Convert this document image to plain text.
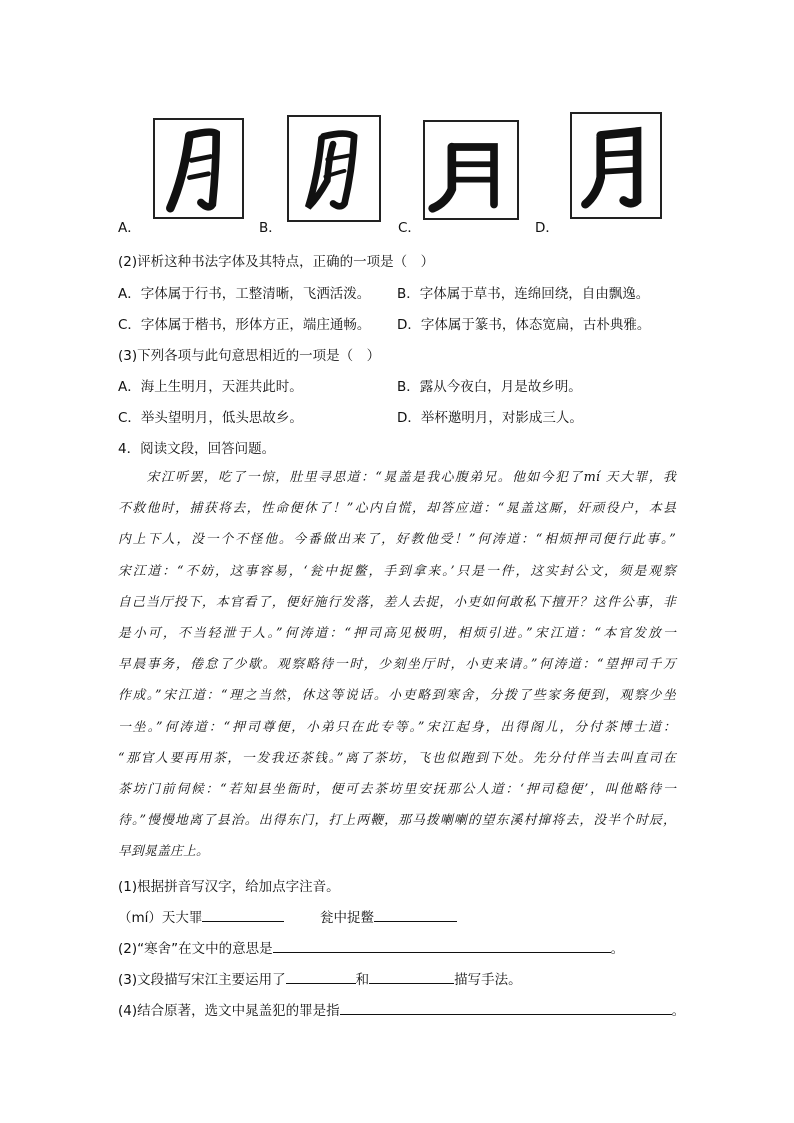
A．	B．	C．	D．
(2)评析这种书法字体及其特点，正确的一项是（　）
A．字体属于行书，工整清晰，飞洒活泼。 B．字体属于草书，连绵回绕，自由飘逸。
C．字体属于楷书，形体方正，端庄通畅。 D．字体属于篆书，体态宽扁，古朴典雅。
(3)下列各项与此句意思相近的一项是（　）
A．海上生明月，天涯共此时。	B．露从今夜白，月是故乡明。
C．举头望明月，低头思故乡。	D．举杯邀明月，对影成三人。
4．阅读文段，回答问题。
　　宋江听罢，吃了一惊，肚里寻思道：“晁盖是我心腹弟兄。他如今犯了mí 天大罪，我
不救他时，捕获将去，性命便休了！”心内自慌，却答应道：“晁盖这厮，奸顽役户，本县
内上下人，没一个不怪他。今番做出来了，好教他受！”何涛道：“相烦押司便行此事。”
宋江道：“不妨，这事容易，‘瓮中捉鳖，手到拿来。’只是一件，这实封公文，须是观察
自己当厅投下，本官看了，便好施行发落，差人去捉，小吏如何敢私下擅开？这件公事，非
是小可，不当轻泄于人。”何涛道：“押司高见极明，相烦引进。”宋江道：“本官发放一
早晨事务，倦怠了少歇。观察略待一时，少刻坐厅时，小吏来请。”何涛道：“望押司千万
作成。”宋江道：“理之当然，休这等说话。小吏略到寒舍，分拨了些家务便到，观察少坐
一坐。”何涛道：“押司尊便，小弟只在此专等。”宋江起身，出得阁儿，分付茶博士道：
“那官人要再用茶，一发我还茶钱。”离了茶坊，飞也似跑到下处。先分付伴当去叫直司在
茶坊门前伺候：“若知县坐衙时，便可去茶坊里安抚那公人道：‘押司稳便’，叫他略待一
待。”慢慢地离了县治。出得东门，打上两鞭，那马拨喇喇的望东溪村撺将去，没半个时辰，
早到晁盖庄上。
(1)根据拼音写汉字，给加点字注音。
（mí）天大罪	瓮中捉鳖
(2)“寒舍”在文中的意思是	。
(3)文段描写宋江主要运用了	和	描写手法。
(4)结合原著，选文中晁盖犯的罪是指	。
